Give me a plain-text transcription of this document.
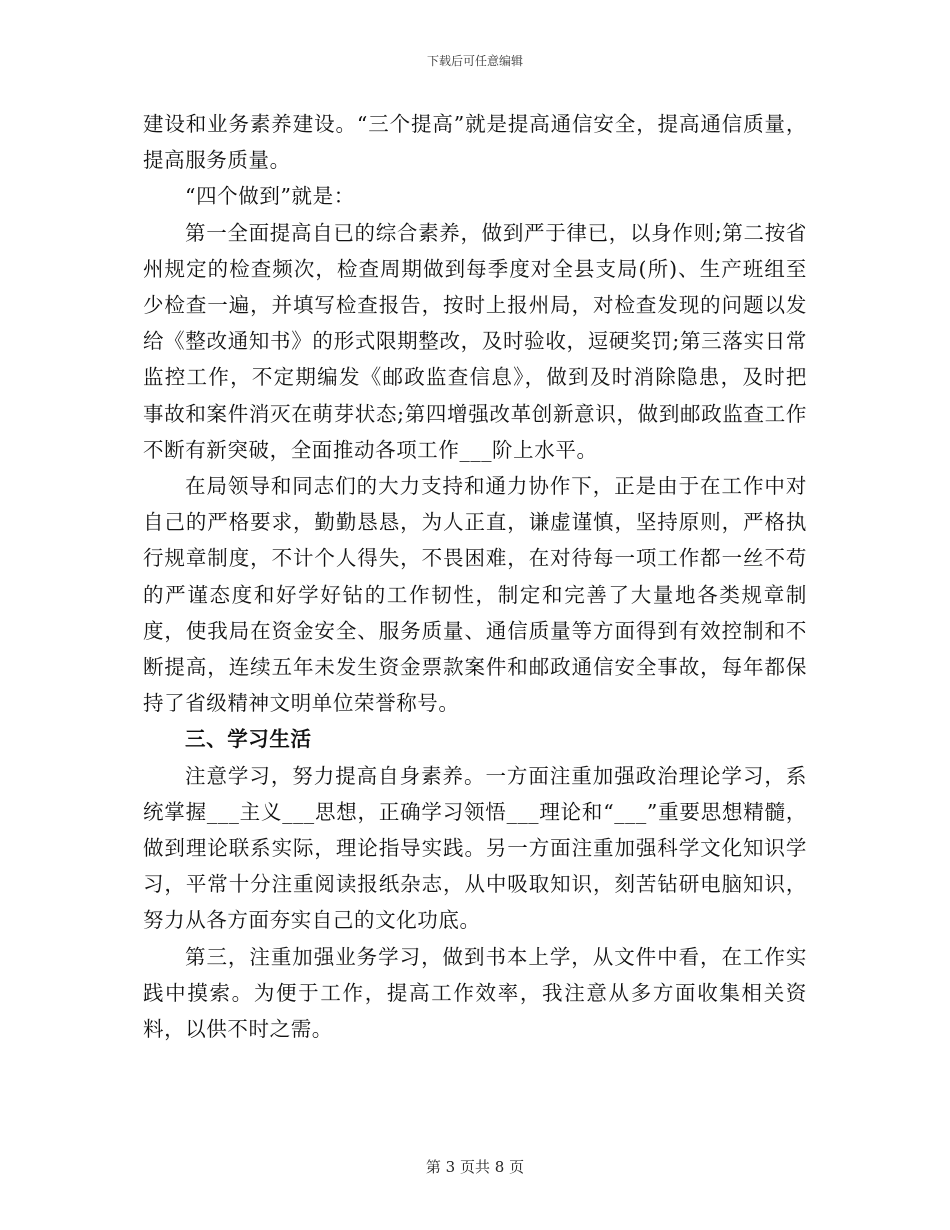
下载后可任意编辑

建设和业务素养建设。“三个提高”就是提高通信安全，提高通信质量，提高服务质量。

“四个做到”就是：

第一全面提高自已的综合素养，做到严于律已，以身作则;第二按省州规定的检查频次，检查周期做到每季度对全县支局(所)、生产班组至少检查一遍，并填写检查报告，按时上报州局，对检查发现的问题以发给《整改通知书》的形式限期整改，及时验收，逗硬奖罚;第三落实日常监控工作，不定期编发《邮政监查信息》，做到及时消除隐患，及时把事故和案件消灭在萌芽状态;第四增强改革创新意识，做到邮政监查工作不断有新突破，全面推动各项工作___阶上水平。

在局领导和同志们的大力支持和通力协作下，正是由于在工作中对自己的严格要求，勤勤恳恳，为人正直，谦虚谨慎，坚持原则，严格执行规章制度，不计个人得失，不畏困难，在对待每一项工作都一丝不苟的严谨态度和好学好钻的工作韧性，制定和完善了大量地各类规章制度，使我局在资金安全、服务质量、通信质量等方面得到有效控制和不断提高，连续五年未发生资金票款案件和邮政通信安全事故，每年都保持了省级精神文明单位荣誉称号。

三、学习生活

注意学习，努力提高自身素养。一方面注重加强政治理论学习，系统掌握___主义___思想，正确学习领悟___理论和“___”重要思想精髓，做到理论联系实际，理论指导实践。另一方面注重加强科学文化知识学习，平常十分注重阅读报纸杂志，从中吸取知识，刻苦钻研电脑知识，努力从各方面夯实自己的文化功底。

第三，注重加强业务学习，做到书本上学，从文件中看，在工作实践中摸索。为便于工作，提高工作效率，我注意从多方面收集相关资料，以供不时之需。

第 3 页共 8 页
